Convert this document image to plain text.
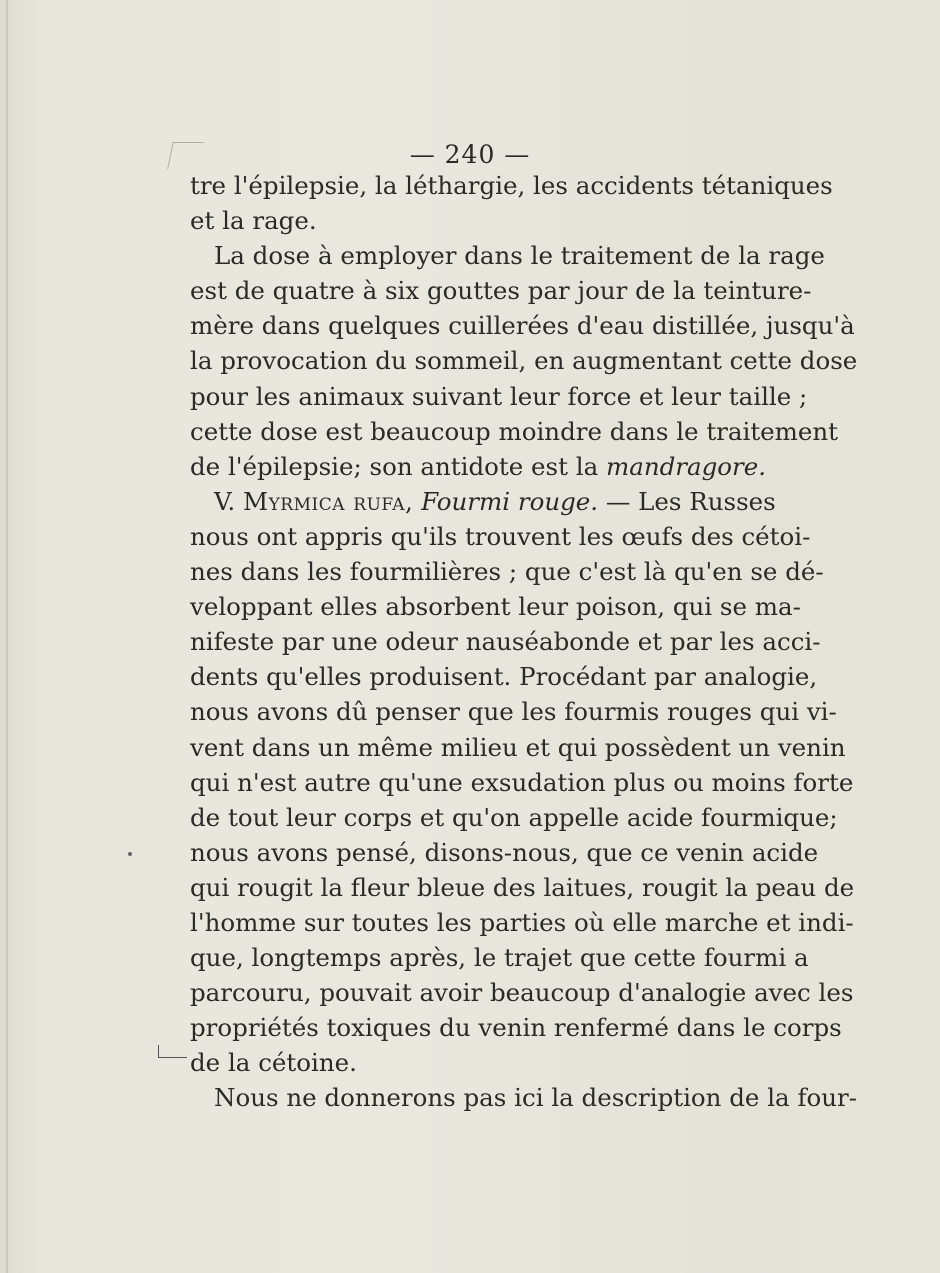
— 240 —
tre l'épilepsie, la léthargie, les accidents tétaniques
et la rage.
La dose à employer dans le traitement de la rage
est de quatre à six gouttes par jour de la teinture-
mère dans quelques cuillerées d'eau distillée, jusqu'à
la provocation du sommeil, en augmentant cette dose
pour les animaux suivant leur force et leur taille ;
cette dose est beaucoup moindre dans le traitement
de l'épilepsie; son antidote est la mandragore.
V. Myrmica rufa, Fourmi rouge. — Les Russes
nous ont appris qu'ils trouvent les œufs des cétoi-
nes dans les fourmilières ; que c'est là qu'en se dé-
veloppant elles absorbent leur poison, qui se ma-
nifeste par une odeur nauséabonde et par les acci-
dents qu'elles produisent. Procédant par analogie,
nous avons dû penser que les fourmis rouges qui vi-
vent dans un même milieu et qui possèdent un venin
qui n'est autre qu'une exsudation plus ou moins forte
de tout leur corps et qu'on appelle acide fourmique;
nous avons pensé, disons-nous, que ce venin acide
qui rougit la fleur bleue des laitues, rougit la peau de
l'homme sur toutes les parties où elle marche et indi-
que, longtemps après, le trajet que cette fourmi a
parcouru, pouvait avoir beaucoup d'analogie avec les
propriétés toxiques du venin renfermé dans le corps
de la cétoine.
Nous ne donnerons pas ici la description de la four-
